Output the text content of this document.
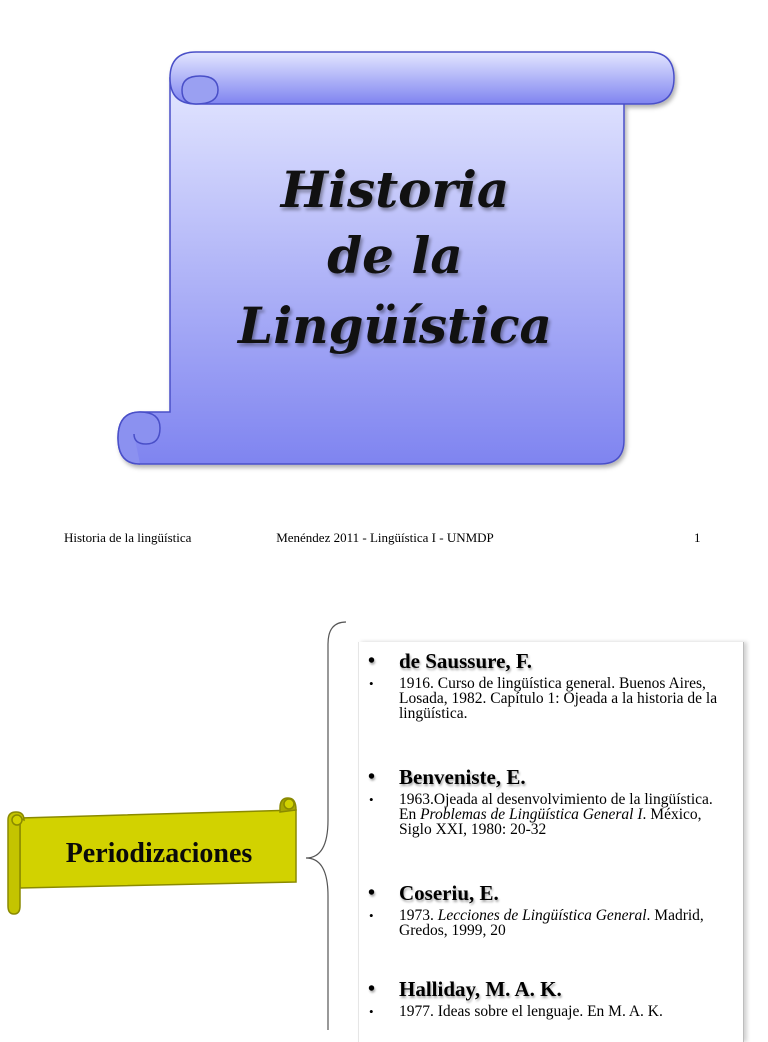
Historia
de la
Lingüística
Historia de la lingüística	Menéndez 2011 - Lingüística I - UNMDP	1
Periodizaciones
• de Saussure, F.
• 1916. Curso de lingüística general. Buenos Aires, Losada, 1982. Capítulo 1: Ojeada a la historia de la lingüística.
• Benveniste, E.
• 1963.Ojeada al desenvolvimiento de la lingüística. En Problemas de Lingüística General I. México, Siglo XXI, 1980: 20-32
• Coseriu, E.
• 1973. Lecciones de Lingüística General. Madrid, Gredos, 1999, 20
• Halliday, M. A. K.
• 1977. Ideas sobre el lenguaje. En M. A. K.
